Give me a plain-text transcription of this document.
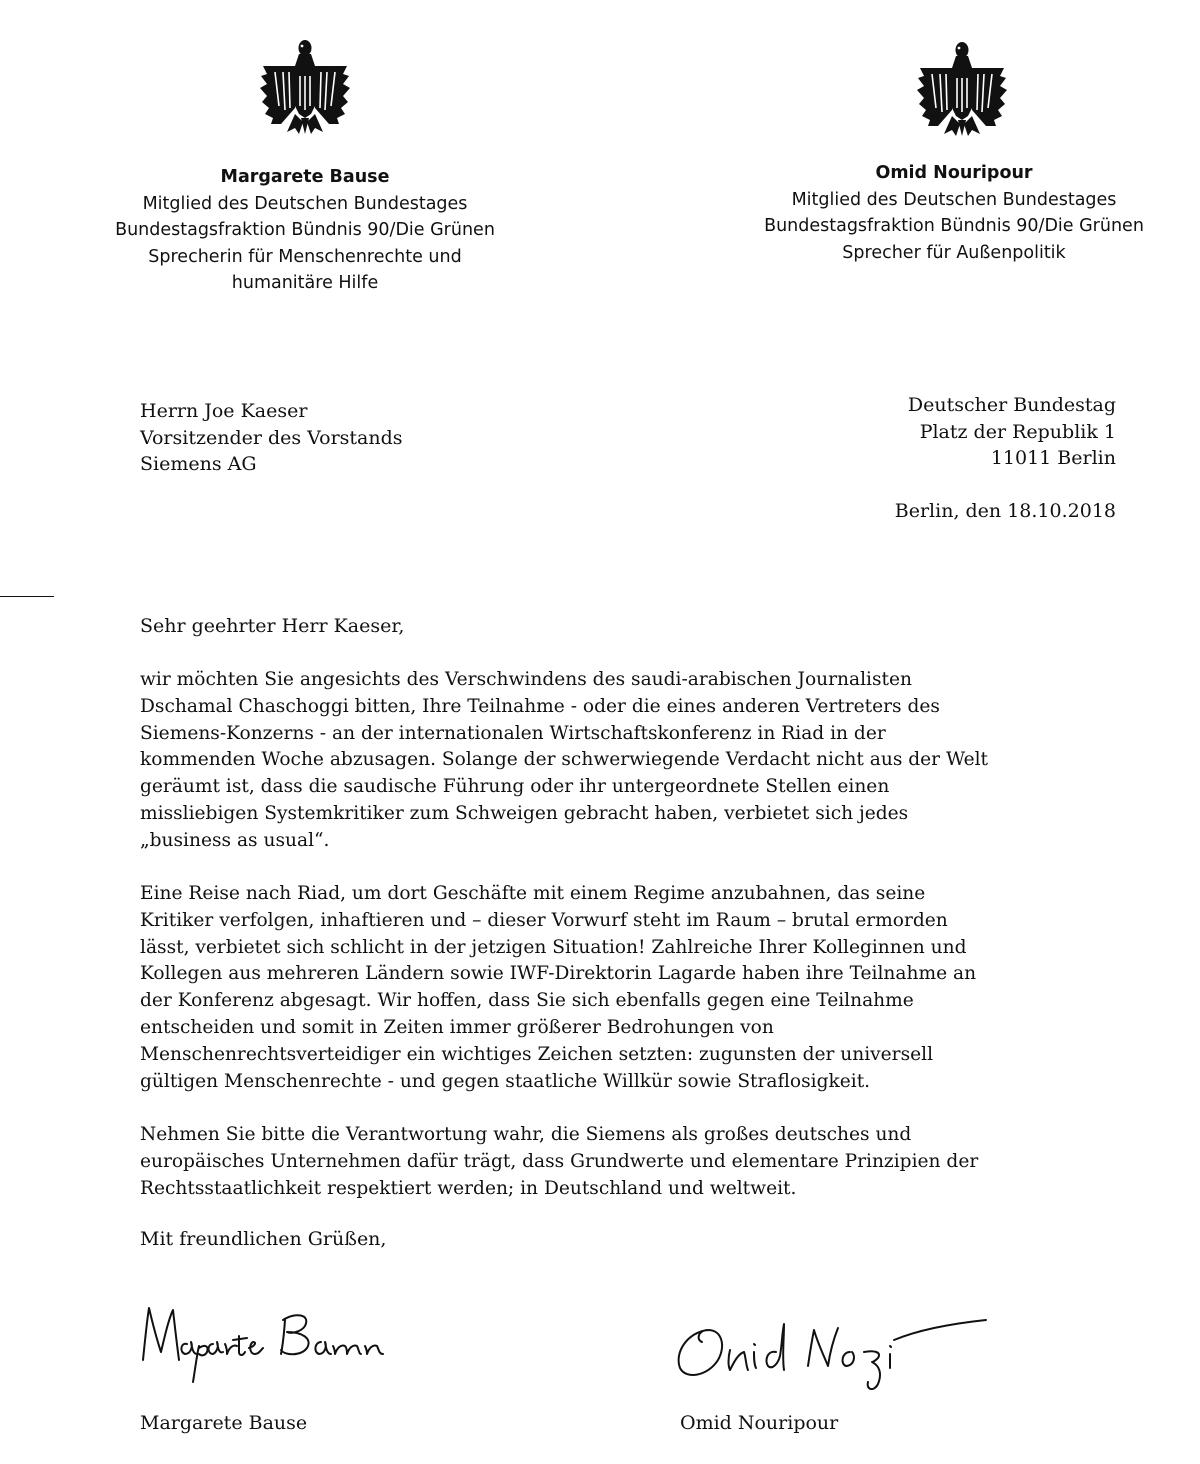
Margarete Bause
Mitglied des Deutschen Bundestages
Bundestagsfraktion Bündnis 90/Die Grünen
Sprecherin für Menschenrechte und
humanitäre Hilfe
Omid Nouripour
Mitglied des Deutschen Bundestages
Bundestagsfraktion Bündnis 90/Die Grünen
Sprecher für Außenpolitik
Herrn Joe Kaeser
Vorsitzender des Vorstands
Siemens AG
Deutscher Bundestag
Platz der Republik 1
11011 Berlin
Berlin, den 18.10.2018
Sehr geehrter Herr Kaeser,
wir möchten Sie angesichts des Verschwindens des saudi-arabischen Journalisten
Dschamal Chaschoggi bitten, Ihre Teilnahme - oder die eines anderen Vertreters des
Siemens-Konzerns - an der internationalen Wirtschaftskonferenz in Riad in der
kommenden Woche abzusagen. Solange der schwerwiegende Verdacht nicht aus der Welt
geräumt ist, dass die saudische Führung oder ihr untergeordnete Stellen einen
missliebigen Systemkritiker zum Schweigen gebracht haben, verbietet sich jedes
„business as usual“.
Eine Reise nach Riad, um dort Geschäfte mit einem Regime anzubahnen, das seine
Kritiker verfolgen, inhaftieren und – dieser Vorwurf steht im Raum – brutal ermorden
lässt, verbietet sich schlicht in der jetzigen Situation! Zahlreiche Ihrer Kolleginnen und
Kollegen aus mehreren Ländern sowie IWF-Direktorin Lagarde haben ihre Teilnahme an
der Konferenz abgesagt. Wir hoffen, dass Sie sich ebenfalls gegen eine Teilnahme
entscheiden und somit in Zeiten immer größerer Bedrohungen von
Menschenrechtsverteidiger ein wichtiges Zeichen setzten: zugunsten der universell
gültigen Menschenrechte - und gegen staatliche Willkür sowie Straflosigkeit.
Nehmen Sie bitte die Verantwortung wahr, die Siemens als großes deutsches und
europäisches Unternehmen dafür trägt, dass Grundwerte und elementare Prinzipien der
Rechtsstaatlichkeit respektiert werden; in Deutschland und weltweit.
Mit freundlichen Grüßen,
Margarete Bause	Omid Nouripour
